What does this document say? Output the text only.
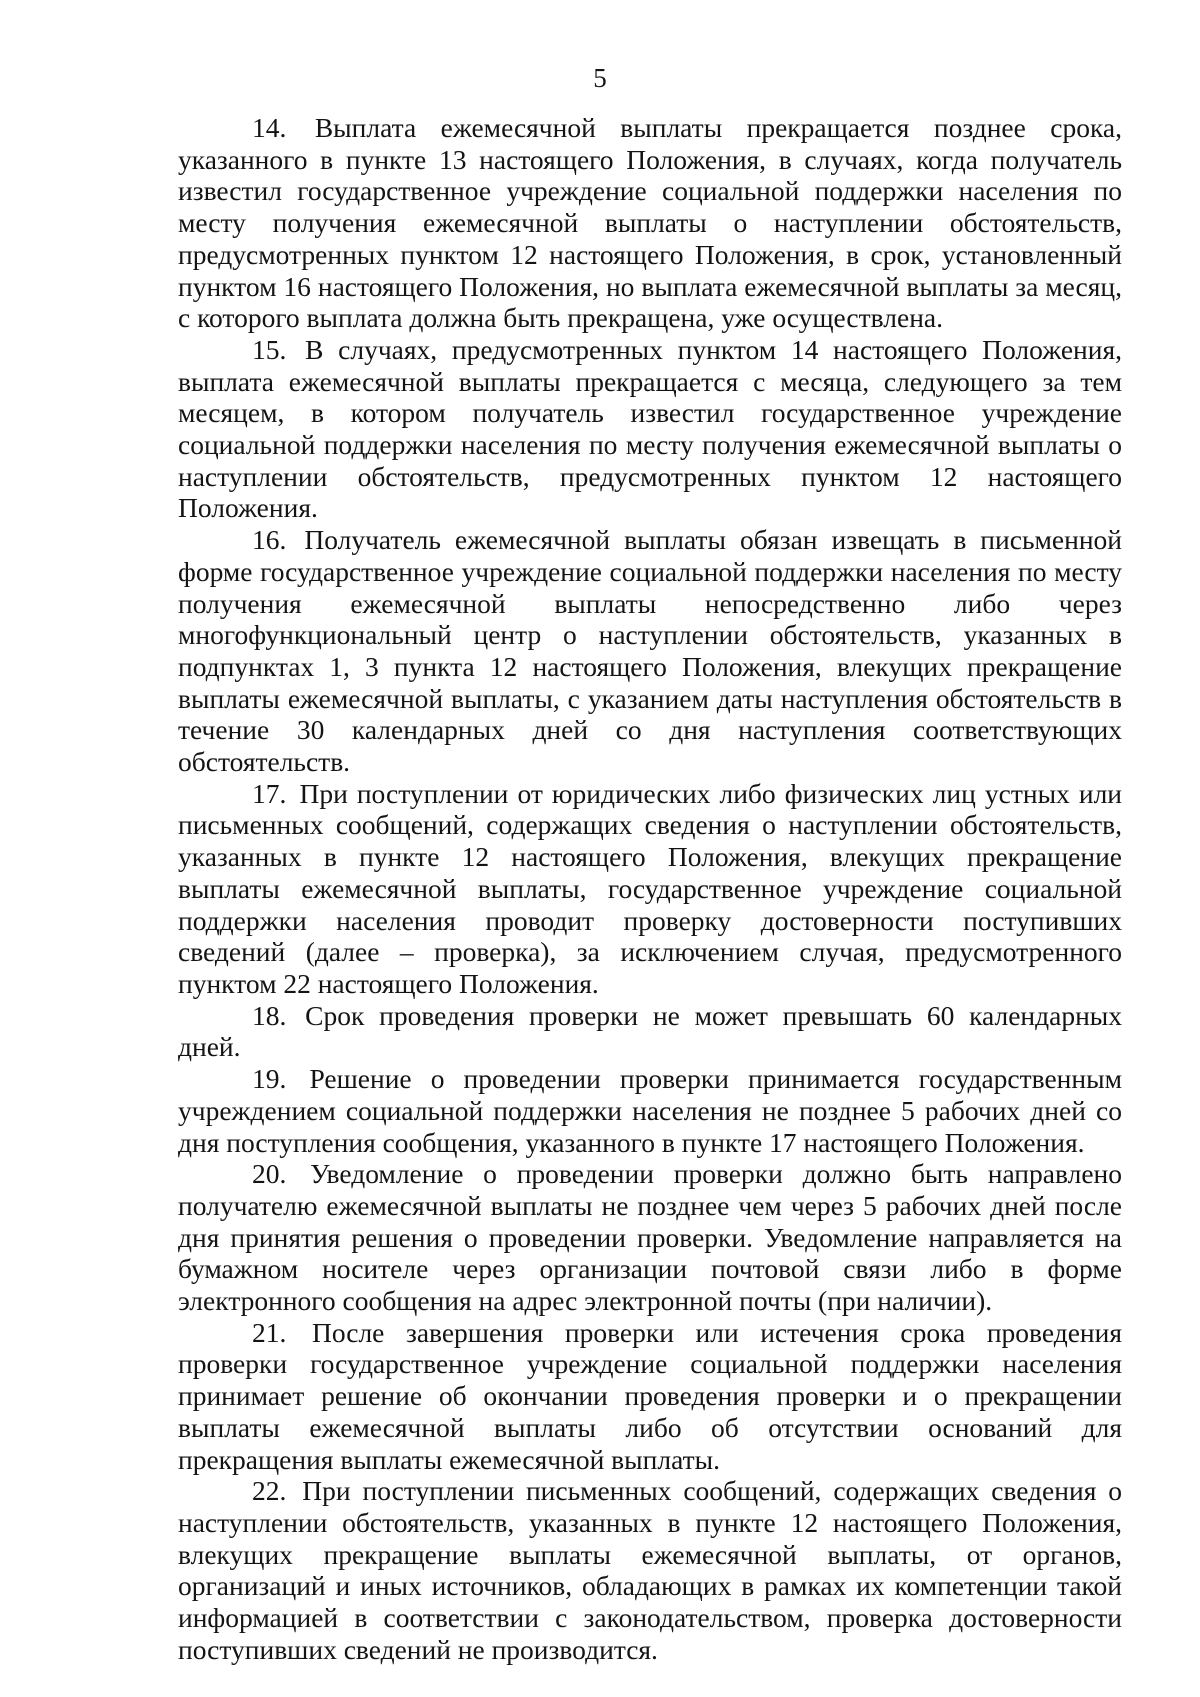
5

14. Выплата ежемесячной выплаты прекращается позднее срока, указанного в пункте 13 настоящего Положения, в случаях, когда получатель известил государственное учреждение социальной поддержки населения по месту получения ежемесячной выплаты о наступлении обстоятельств, предусмотренных пунктом 12 настоящего Положения, в срок, установленный пунктом 16 настоящего Положения, но выплата ежемесячной выплаты за месяц, с которого выплата должна быть прекращена, уже осуществлена.

15. В случаях, предусмотренных пунктом 14 настоящего Положения, выплата ежемесячной выплаты прекращается с месяца, следующего за тем месяцем, в котором получатель известил государственное учреждение социальной поддержки населения по месту получения ежемесячной выплаты о наступлении обстоятельств, предусмотренных пунктом 12 настоящего Положения.

16. Получатель ежемесячной выплаты обязан извещать в письменной форме государственное учреждение социальной поддержки населения по месту получения ежемесячной выплаты непосредственно либо через многофункциональный центр о наступлении обстоятельств, указанных в подпунктах 1, 3 пункта 12 настоящего Положения, влекущих прекращение выплаты ежемесячной выплаты, с указанием даты наступления обстоятельств в течение 30 календарных дней со дня наступления соответствующих обстоятельств.

17. При поступлении от юридических либо физических лиц устных или письменных сообщений, содержащих сведения о наступлении обстоятельств, указанных в пункте 12 настоящего Положения, влекущих прекращение выплаты ежемесячной выплаты, государственное учреждение социальной поддержки населения проводит проверку достоверности поступивших сведений (далее – проверка), за исключением случая, предусмотренного пунктом 22 настоящего Положения.

18. Срок проведения проверки не может превышать 60 календарных дней.

19. Решение о проведении проверки принимается государственным учреждением социальной поддержки населения не позднее 5 рабочих дней со дня поступления сообщения, указанного в пункте 17 настоящего Положения.

20. Уведомление о проведении проверки должно быть направлено получателю ежемесячной выплаты не позднее чем через 5 рабочих дней после дня принятия решения о проведении проверки. Уведомление направляется на бумажном носителе через организации почтовой связи либо в форме электронного сообщения на адрес электронной почты (при наличии).

21. После завершения проверки или истечения срока проведения проверки государственное учреждение социальной поддержки населения принимает решение об окончании проведения проверки и о прекращении выплаты ежемесячной выплаты либо об отсутствии оснований для прекращения выплаты ежемесячной выплаты.

22. При поступлении письменных сообщений, содержащих сведения о наступлении обстоятельств, указанных в пункте 12 настоящего Положения, влекущих прекращение выплаты ежемесячной выплаты, от органов, организаций и иных источников, обладающих в рамках их компетенции такой информацией в соответствии с законодательством, проверка достоверности поступивших сведений не производится.
